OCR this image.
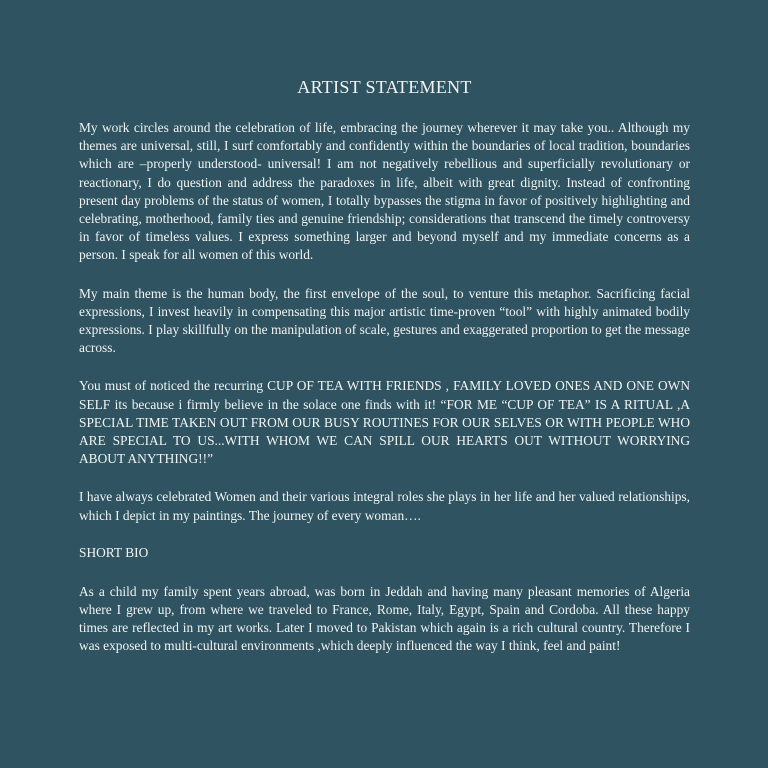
ARTIST STATEMENT

My work circles around the celebration of life, embracing the journey wherever it may take you.. Although my themes are universal, still, I surf comfortably and confidently within the boundaries of local tradition, boundaries which are –properly understood- universal! I am not negatively rebellious and superficially revolutionary or reactionary, I do question and address the paradoxes in life, albeit with great dignity. Instead of confronting present day problems of the status of women, I totally bypasses the stigma in favor of positively highlighting and celebrating, motherhood, family ties and genuine friendship; considerations that transcend the timely controversy in favor of timeless values. I express something larger and beyond myself and my immediate concerns as a person. I speak for all women of this world.

My main theme is the human body, the first envelope of the soul, to venture this metaphor. Sacrificing facial expressions, I invest heavily in compensating this major artistic time-proven “tool” with highly animated bodily expressions. I play skillfully on the manipulation of scale, gestures and exaggerated proportion to get the message across.

You must of noticed the recurring CUP OF TEA WITH FRIENDS , FAMILY LOVED ONES AND ONE OWN SELF its because i firmly believe in the solace one finds with it! “FOR ME “CUP OF TEA” IS A RITUAL ,A SPECIAL TIME TAKEN OUT FROM OUR BUSY ROUTINES FOR OUR SELVES OR WITH PEOPLE WHO ARE SPECIAL TO US...WITH WHOM WE CAN SPILL OUR HEARTS OUT WITHOUT WORRYING ABOUT ANYTHING!!”

I have always celebrated Women and their various integral roles she plays in her life and her valued relationships, which I depict in my paintings. The journey of every woman….

SHORT BIO

As a child my family spent years abroad, was born in Jeddah and having many pleasant memories of Algeria where I grew up, from where we traveled to France, Rome, Italy, Egypt, Spain and Cordoba. All these happy times are reflected in my art works. Later I moved to Pakistan which again is a rich cultural country. Therefore I was exposed to multi-cultural environments ,which deeply influenced the way I think, feel and paint!
